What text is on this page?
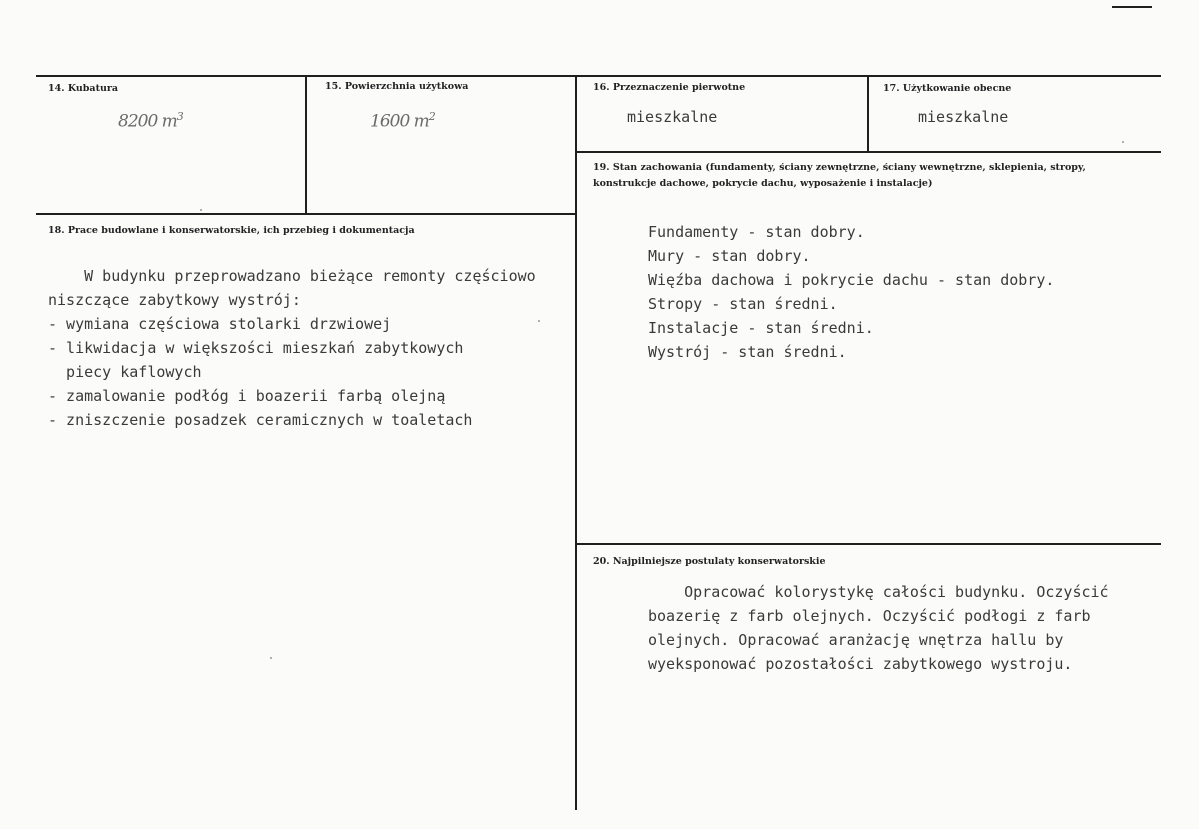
14. Kubatura
8200 $m^3$
15. Powierzchnia użytkowa
1600 $m^2$
16. Przeznaczenie pierwotne
mieszkalne
17. Użytkowanie obecne
mieszkalne
19. Stan zachowania (fundamenty, ściany zewnętrzne, ściany wewnętrzne, sklepienia, stropy, konstrukcje dachowe, pokrycie dachu, wyposażenie i instalacje)
Fundamenty - stan dobry.
Mury - stan dobry.
Więźba dachowa i pokrycie dachu - stan dobry.
Stropy - stan średni.
Instalacje - stan średni.
Wystrój - stan średni.
18. Prace budowlane i konserwatorskie, ich przebieg i dokumentacja
W budynku przeprowadzano bieżące remonty częściowo
niszczące zabytkowy wystrój:
- wymiana częściowa stolarki drzwiowej
- likwidacja w większości mieszkań zabytkowych
piecy kaflowych
- zamalowanie podłóg i boazerii farbą olejną
- zniszczenie posadzek ceramicznych w toaletach
20. Najpilniejsze postulaty konserwatorskie
Opracować kolorystykę całości budynku. Oczyścić
boazerię z farb olejnych. Oczyścić podłogi z farb
olejnych. Opracować aranżację wnętrza hallu by
wyeksponować pozostałości zabytkowego wystroju.
